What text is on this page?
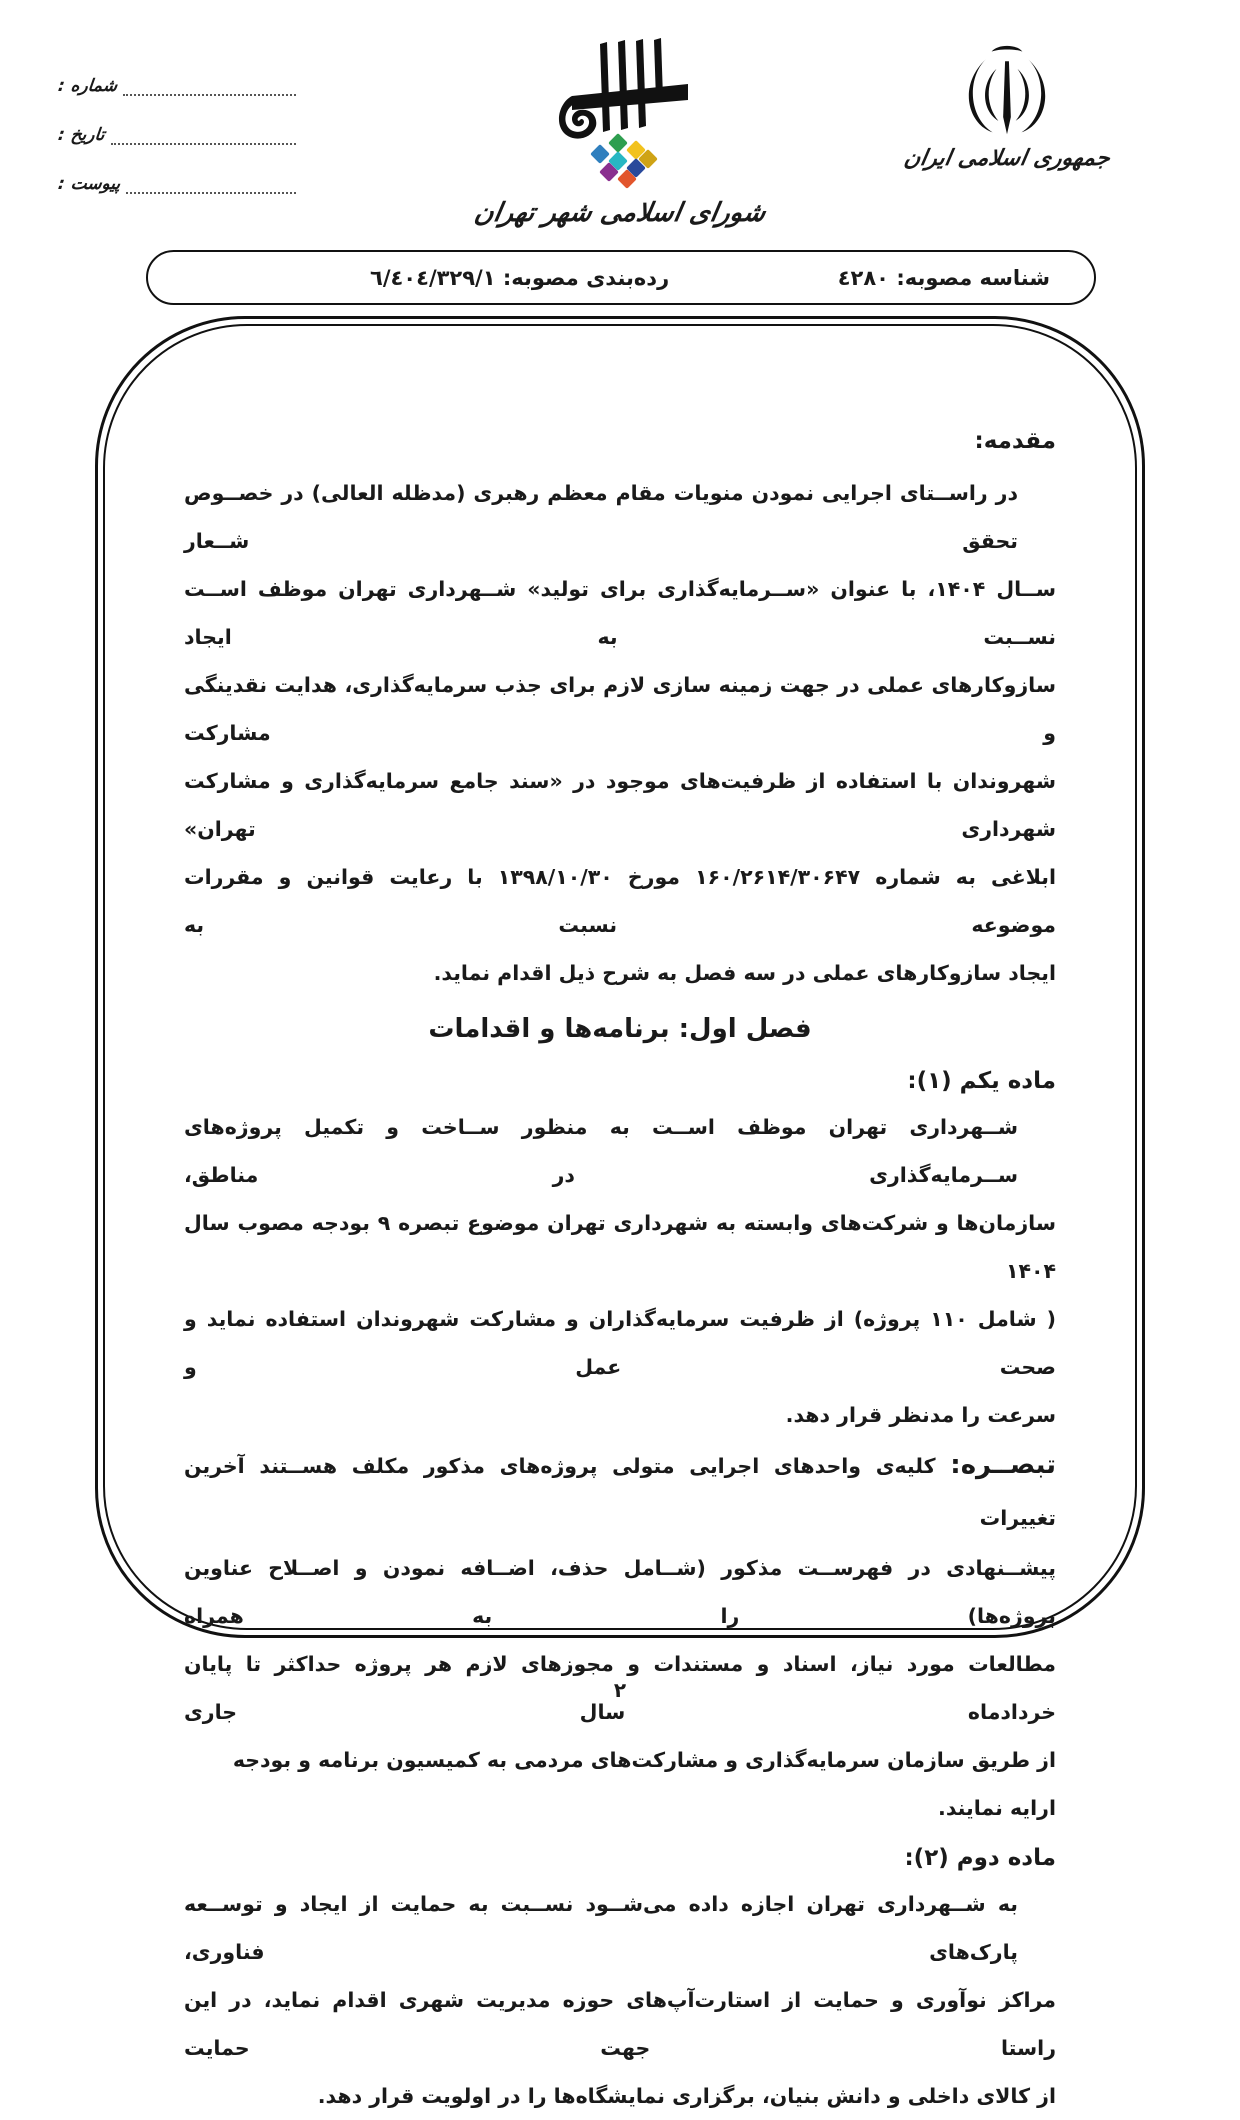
شماره :
تاریخ :
پیوست :
شورای اسلامی شهر تهران
جمهوری اسلامی ایران
شناسه مصوبه: ٤٢٨٠
رده‌بندی مصوبه: ٦/٤٠٤/٣٢٩/١
مقدمه:
در راســتای اجرایی نمودن منویات مقام معظم رهبری (مدظله العالی) در خصــوص تحقق شــعار
ســال ۱۴۰۴، با عنوان «ســرمایه‌گذاری برای تولید» شــهرداری تهران موظف اســت نســبت به ایجاد
سازوکارهای عملی در جهت زمینه سازی لازم برای جذب سرمایه‌گذاری، هدایت نقدینگی و مشارکت
شهروندان با استفاده از ظرفیت‌های موجود در «سند جامع سرمایه‌گذاری و مشارکت شهرداری تهران»
ابلاغی به شماره ۱۶۰/۲۶۱۴/۳۰۶۴۷ مورخ ۱۳۹۸/۱۰/۳۰ با رعایت قوانین و مقررات موضوعه نسبت به
ایجاد سازوکارهای عملی در سه فصل به شرح ذیل اقدام نماید.
فصل اول: برنامه‌ها و اقدامات
ماده یکم (۱):
شــهرداری تهران موظف اســت به منظور ســاخت و تکمیل پروژه‌های ســرمایه‌گذاری در مناطق،
سازمان‌ها و شرکت‌های وابسته به شهرداری تهران موضوع تبصره ۹ بودجه مصوب سال ۱۴۰۴
( شامل ۱۱۰ پروژه) از ظرفیت سرمایه‌گذاران و مشارکت شهروندان استفاده نماید و صحت عمل و
سرعت را مدنظر قرار دهد.
تبصــره: کلیه‌ی واحدهای اجرایی متولی پروژه‌های مذکور مکلف هســتند آخرین تغییرات
پیشــنهادی در فهرســت مذکور (شــامل حذف، اضــافه نمودن و اصــلاح عناوین پروژه‌ها) را به همراه
مطالعات مورد نیاز، اسناد و مستندات و مجوزهای لازم هر پروژه حداکثر تا پایان خردادماه سال جاری
از طریق سازمان سرمایه‌گذاری و مشارکت‌های مردمی به کمیسیون برنامه و بودجه ارایه نمایند.
ماده دوم (۲):
به شــهرداری تهران اجازه داده می‌شــود نســبت به حمایت از ایجاد و توســعه پارک‌های فناوری،
مراکز نوآوری و حمایت از استارت‌آپ‌های حوزه مدیریت شهری اقدام نماید، در این راستا جهت حمایت
از کالای داخلی و دانش بنیان، برگزاری نمایشگاه‌ها را در اولویت قرار دهد.
۲
